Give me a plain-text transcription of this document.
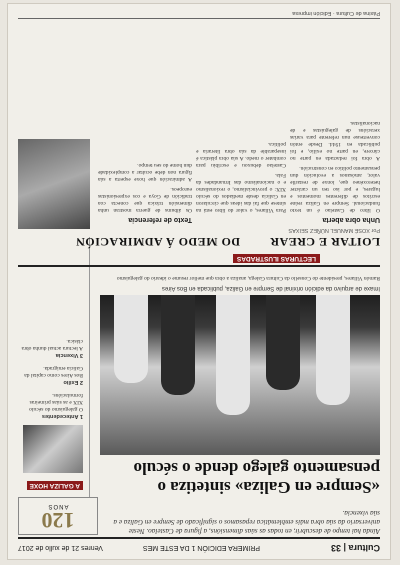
Cultura | 33
PRIMERA EDICIÓN 1 DA ESTE MES
Venres 21 de xullo de 2017
Aínda hai tempo de descubrir, en todas as súas dimensións, a figura de Castelao. Neste aniversario da súa obra máis emblemática repasamos o significado de Sempre en Galiza e a súa vixencia.
120
ANOS
«Sempre en Galiza» sintetiza o pensamento galego dende o século
Imaxe de arquivo da edición orixinal de Sempre en Galiza, publicada en Bos Aires
A GALIZA HOXE
1 Antecedentes
O galeguismo do século XIX e as súas primeiras formulacións.
2 Exilio
Bos Aires como capital da Galicia emigrada.
3 Vixencia
A lectura actual dunha obra clásica.

Ramón Villares, presidente do Consello da Cultura Galega, analiza a obra que mellor resume o ideario do galeguismo

LECTURAS ILUSTRADAS
LOITAR E CREAR
DO MEDO Á ADMIRACIÓN
Por XOSÉ MANUEL NÚÑEZ SEIXAS
Unha obra aberta

O libro de Castelao é un texto fundacional. Sempre en Galiza reúne escritos de diferentes momentos e lugares, e por iso ten un carácter heteroxéneo que, lonxe de restarlle valor, amósanos a evolución dun pensamento político en construción.

A obra foi redactada en parte no cárcere, en parte no exilio, e foi publicada en 1944. Desde entón converteuse nun referente para varias xeracións de galeguistas e de nacionalistas.

Para Villares, o valor do libro está na síntese que fai das ideas que circularon en Galicia desde mediados do século XIX: o provincialismo, o rexionalismo e o nacionalismo das Irmandades da Fala.

Castelao debuxou e escribiu para combater o medo. A súa obra plástica é inseparable da súa obra literaria e política.

Texto de referencia

Os álbums de guerra mostran unha dimensión tráxica que conecta coa tradición de Goya e cos expresionistas europeos.

A admiración que hoxe esperta a súa figura non debe ocultar a complexidade dun home do seu tempo.

Páxina de Cultura · Edición impresa
